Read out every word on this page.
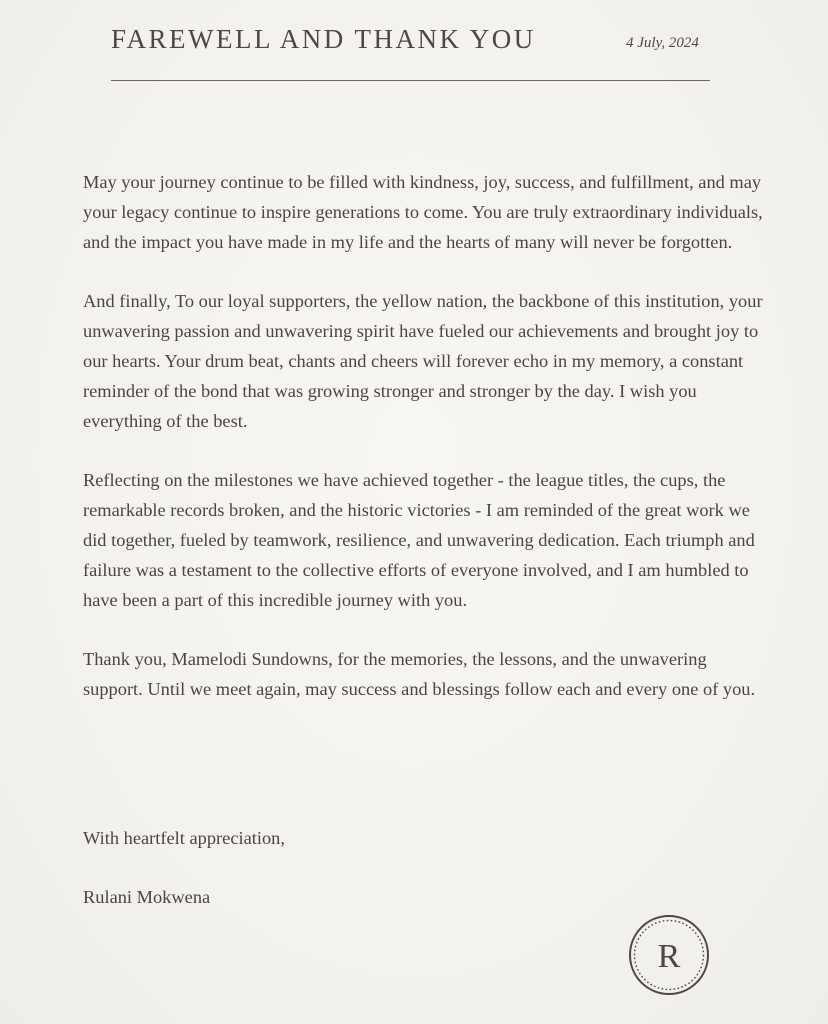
FAREWELL AND THANK YOU	4 July, 2024

May your journey continue to be filled with kindness, joy, success, and fulfillment, and may your legacy continue to inspire generations to come. You are truly extraordinary individuals, and the impact you have made in my life and the hearts of many will never be forgotten.

And finally, To our loyal supporters, the yellow nation, the backbone of this institution, your unwavering passion and unwavering spirit have fueled our achievements and brought joy to our hearts. Your drum beat, chants and cheers will forever echo in my memory, a constant reminder of the bond that was growing stronger and stronger by the day. I wish you everything of the best.

Reflecting on the milestones we have achieved together - the league titles, the cups, the remarkable records broken, and the historic victories - I am reminded of the great work we did together, fueled by teamwork, resilience, and unwavering dedication. Each triumph and failure was a testament to the collective efforts of everyone involved, and I am humbled to have been a part of this incredible journey with you.

Thank you, Mamelodi Sundowns, for the memories, the lessons, and the unwavering support. Until we meet again, may success and blessings follow each and every one of you.

With heartfelt appreciation,

Rulani Mokwena

R
